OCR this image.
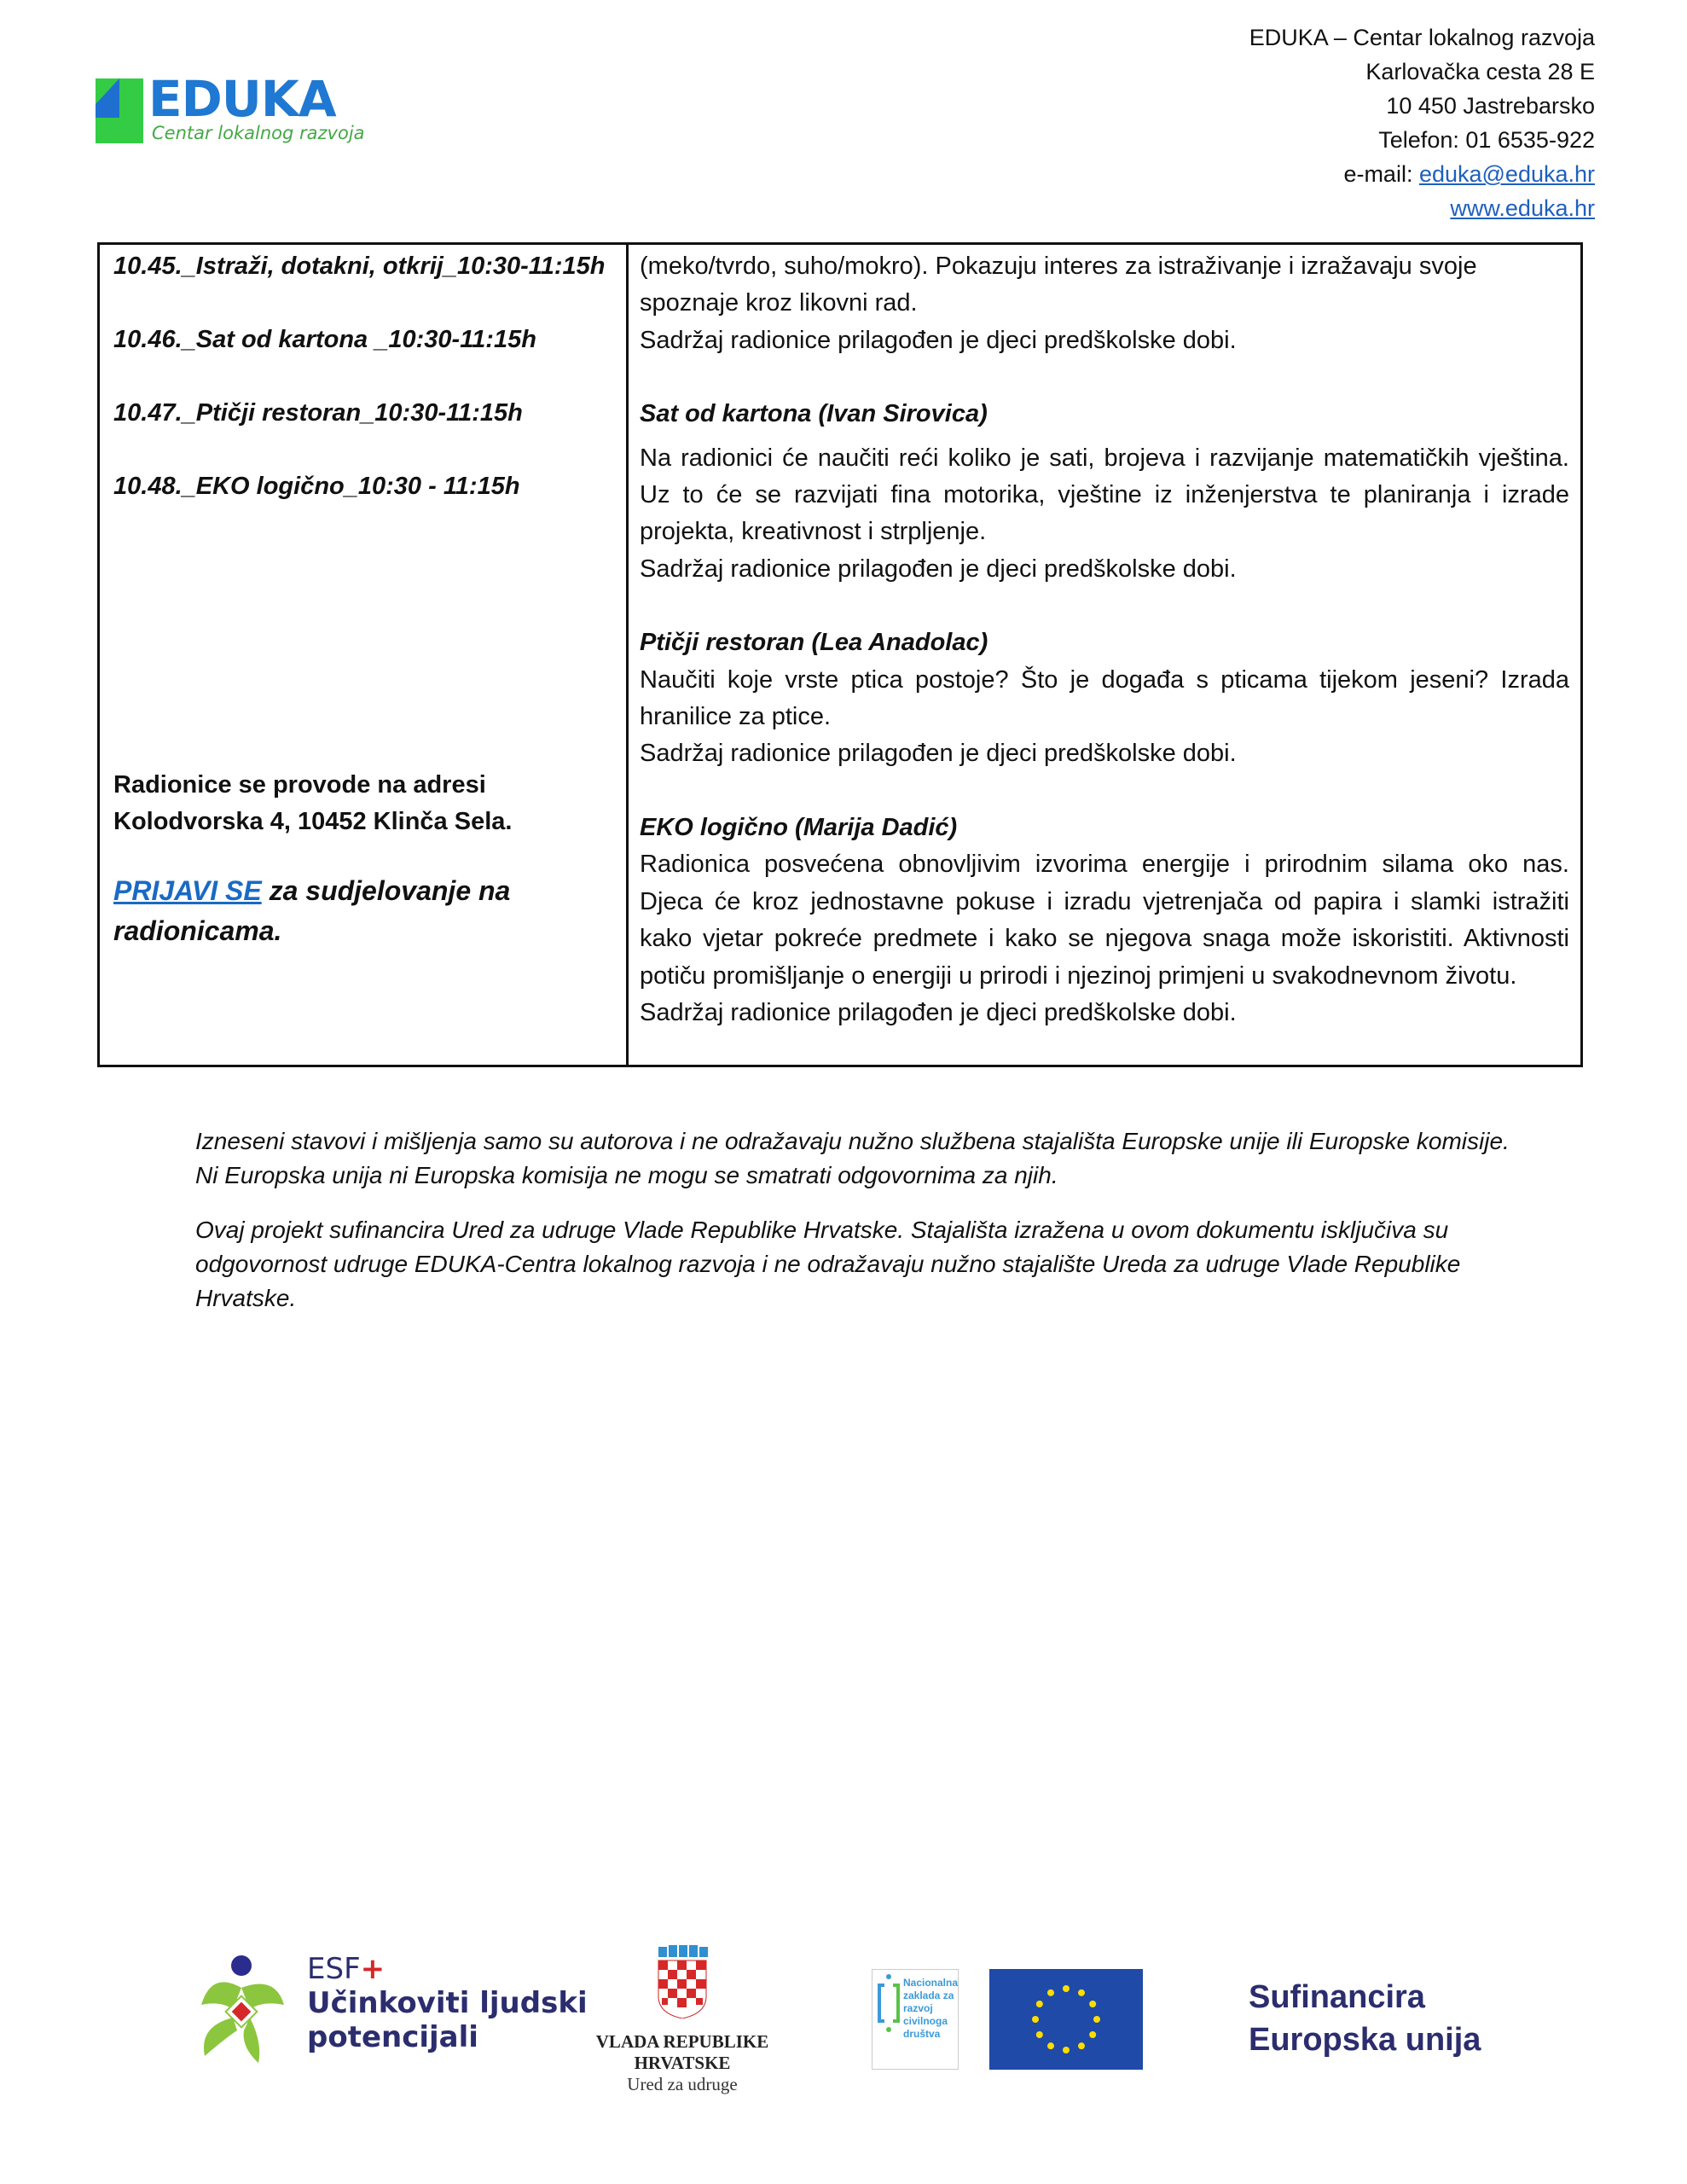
EDUKA
Centar lokalnog razvoja
EDUKA – Centar lokalnog razvoja
Karlovačka cesta 28 E
10 450 Jastrebarsko
Telefon: 01 6535-922
e-mail: eduka@eduka.hr
www.eduka.hr

10.45._Istraži, dotakni, otkrij_10:30-11:15h

10.46._Sat od kartona _10:30-11:15h

10.47._Ptičji restoran_10:30-11:15h

10.48._EKO logično_10:30 - 11:15h

Radionice se provode na adresi Kolodvorska 4, 10452 Klinča Sela.
PRIJAVI SE za sudjelovanje na radionicama.

(meko/tvrdo, suho/mokro). Pokazuju interes za istraživanje i izražavaju svoje spoznaje kroz likovni rad.

Sadržaj radionice prilagođen je djeci predškolske dobi.

Sat od kartona (Ivan Sirovica)

Na radionici će naučiti reći koliko je sati, brojeva i razvijanje matematičkih vještina. Uz to će se razvijati fina motorika, vještine iz inženjerstva te planiranja i izrade projekta, kreativnost i strpljenje.

Sadržaj radionice prilagođen je djeci predškolske dobi.

Ptičji restoran (Lea Anadolac)

Naučiti koje vrste ptica postoje? Što je događa s pticama tijekom jeseni? Izrada hranilice za ptice.

Sadržaj radionice prilagođen je djeci predškolske dobi.

EKO logično (Marija Dadić)

Radionica posvećena obnovljivim izvorima energije i prirodnim silama oko nas. Djeca će kroz jednostavne pokuse i izradu vjetrenjača od papira i slamki istražiti kako vjetar pokreće predmete i kako se njegova snaga može iskoristiti. Aktivnosti potiču promišljanje o energiji u prirodi i njezinoj primjeni u svakodnevnom životu.

Sadržaj radionice prilagođen je djeci predškolske dobi.

Izneseni stavovi i mišljenja samo su autorova i ne odražavaju nužno službena stajališta Europske unije ili Europske komisije. Ni Europska unija ni Europska komisija ne mogu se smatrati odgovornima za njih.

Ovaj projekt sufinancira Ured za udruge Vlade Republike Hrvatske. Stajališta izražena u ovom dokumentu isključiva su odgovornost udruge EDUKA-Centra lokalnog razvoja i ne odražavaju nužno stajalište Ureda za udruge Vlade Republike Hrvatske.

ESF+
Učinkoviti ljudski
potencijali	VLADA REPUBLIKE HRVATSKE
Ured za udruge
Nacionalna
zaklada za
razvoj
civilnoga
društva
Sufinancira
Europska unija
